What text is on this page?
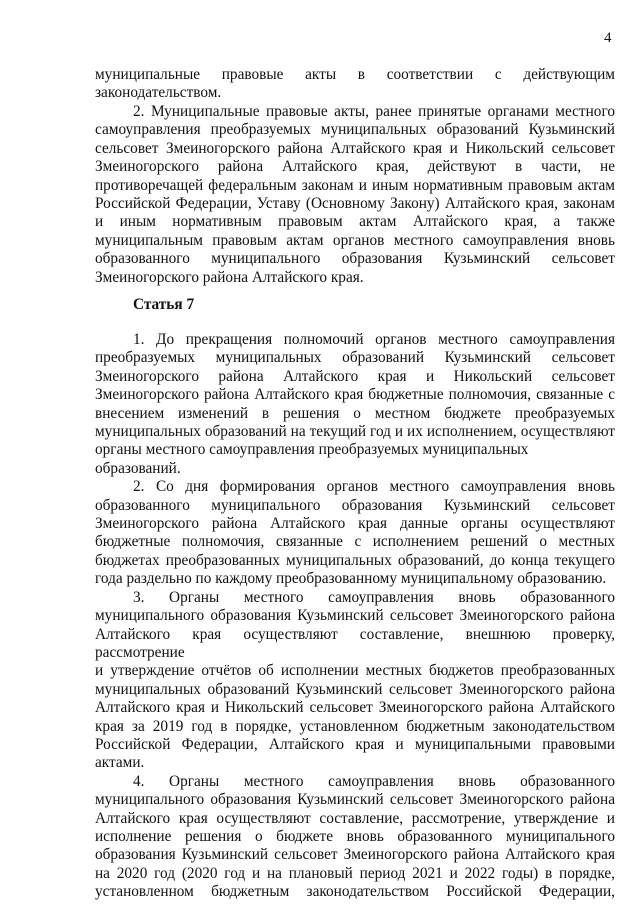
4
муниципальные правовые акты в соответствии с действующим
законодательством.
2. Муниципальные правовые акты, ранее принятые органами местного
самоуправления преобразуемых муниципальных образований Кузьминский
сельсовет Змеиногорского района Алтайского края и Никольский сельсовет
Змеиногорского района Алтайского края, действуют в части, не
противоречащей федеральным законам и иным нормативным правовым актам
Российской Федерации, Уставу (Основному Закону) Алтайского края, законам
и иным нормативным правовым актам Алтайского края, а также
муниципальным правовым актам органов местного самоуправления вновь
образованного муниципального образования Кузьминский сельсовет
Змеиногорского района Алтайского края.
Статья 7
1. До прекращения полномочий органов местного самоуправления
преобразуемых муниципальных образований Кузьминский сельсовет
Змеиногорского района Алтайского края и Никольский сельсовет
Змеиногорского района Алтайского края бюджетные полномочия, связанные с
внесением изменений в решения о местном бюджете преобразуемых
муниципальных образований на текущий год и их исполнением, осуществляют
органы местного самоуправления преобразуемых муниципальных образований.
2. Со дня формирования органов местного самоуправления вновь
образованного муниципального образования Кузьминский сельсовет
Змеиногорского района Алтайского края данные органы осуществляют
бюджетные полномочия, связанные с исполнением решений о местных
бюджетах преобразованных муниципальных образований, до конца текущего
года раздельно по каждому преобразованному муниципальному образованию.
3. Органы местного самоуправления вновь образованного
муниципального образования Кузьминский сельсовет Змеиногорского района
Алтайского края осуществляют составление, внешнюю проверку, рассмотрение
и утверждение отчётов об исполнении местных бюджетов преобразованных
муниципальных образований Кузьминский сельсовет Змеиногорского района
Алтайского края и Никольский сельсовет Змеиногорского района Алтайского
края за 2019 год в порядке, установленном бюджетным законодательством
Российской Федерации, Алтайского края и муниципальными правовыми
актами.
4. Органы местного самоуправления вновь образованного
муниципального образования Кузьминский сельсовет Змеиногорского района
Алтайского края осуществляют составление, рассмотрение, утверждение и
исполнение решения о бюджете вновь образованного муниципального
образования Кузьминский сельсовет Змеиногорского района Алтайского края
на 2020 год (2020 год и на плановый период 2021 и 2022 годы) в порядке,
установленном бюджетным законодательством Российской Федерации,
